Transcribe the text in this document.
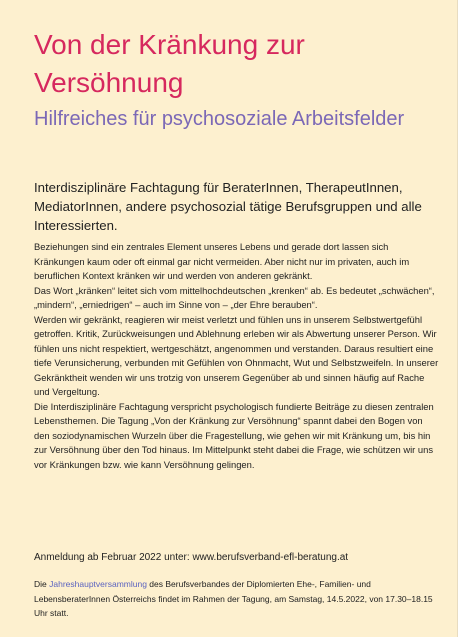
Von der Kränkung zur Versöhnung
Hilfreiches für psychosoziale Arbeitsfelder

Interdisziplinäre Fachtagung für BeraterInnen, TherapeutInnen, MediatorInnen, andere psychosozial tätige Berufsgruppen und alle Interessierten.

Beziehungen sind ein zentrales Element unseres Lebens und gerade dort lassen sich Kränkungen kaum oder oft einmal gar nicht vermeiden. Aber nicht nur im privaten, auch im beruflichen Kontext kränken wir und werden von anderen gekränkt.

Das Wort „kränken“ leitet sich vom mittelhochdeutschen „krenken“ ab. Es bedeutet „schwächen“, „mindern“, „erniedrigen“ – auch im Sinne von – „der Ehre berauben“.

Werden wir gekränkt, reagieren wir meist verletzt und fühlen uns in unserem Selbstwertgefühl getroffen. Kritik, Zurückweisungen und Ablehnung erleben wir als Abwertung unserer Person. Wir fühlen uns nicht respektiert, wertgeschätzt, angenommen und verstanden. Daraus resultiert eine tiefe Verunsicherung, verbunden mit Gefühlen von Ohnmacht, Wut und Selbstzweifeln. In unserer Gekränktheit wenden wir uns trotzig von unserem Gegenüber ab und sinnen häufig auf Rache und Vergeltung.

Die Interdisziplinäre Fachtagung verspricht psychologisch fundierte Beiträge zu diesen zentralen Lebensthemen. Die Tagung „Von der Kränkung zur Versöhnung“ spannt dabei den Bogen von den soziodynamischen Wurzeln über die Fragestellung, wie gehen wir mit Kränkung um, bis hin zur Versöhnung über den Tod hinaus. Im Mittelpunkt steht dabei die Frage, wie schützen wir uns vor Kränkungen bzw. wie kann Versöhnung gelingen.

Anmeldung ab Februar 2022 unter: www.berufsverband-efl-beratung.at

Die Jahreshauptversammlung des Berufsverbandes der Diplomierten Ehe-, Familien- und LebensberaterInnen Österreichs findet im Rahmen der Tagung, am Samstag, 14.5.2022, von 17.30–18.15 Uhr statt.
